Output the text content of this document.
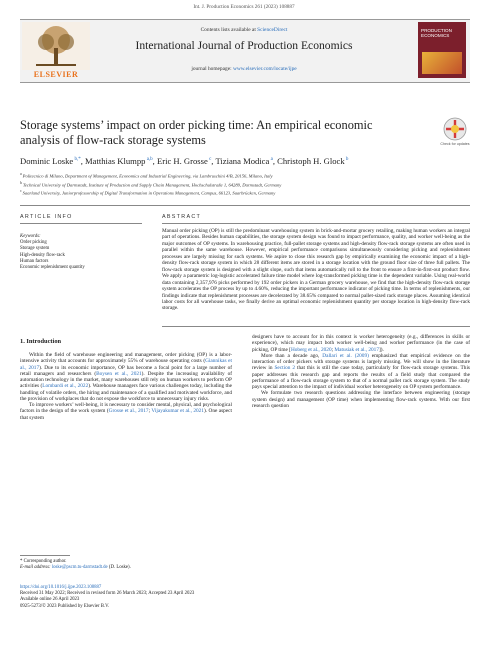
Int. J. Production Economics 261 (2023) 108887
ELSEVIER
Contents lists available at ScienceDirect
International Journal of Production Economics
journal homepage: www.elsevier.com/locate/ijpe
PRODUCTION ECONOMICS
Storage systems’ impact on order picking time: An empirical economic analysis of flow-rack storage systems	Check for updates
Dominic Loske $^{b,*}$, Matthias Klumpp $^{a,b}$, Eric H. Grosse $^c$, Tiziana Modica $^a$, Christoph H. Glock $^b$
$^a$ Politecnico di Milano, Department of Management, Economics and Industrial Engineering, via Lambruschini 4/B, 20156, Milano, Italy
$^b$ Technical University of Darmstadt, Institute of Production and Supply Chain Management, Hochschulstraße 1, 64289, Darmstadt, Germany
$^c$ Saarland University, Juniorprofessorship of Digital Transformation in Operations Management, Campus, 66123, Saarbrücken, Germany
ARTICLE INFO	ABSTRACT
Keywords:
Order picking
Storage system
High-density flow-rack
Human factors
Economic replenishment quantity
Manual order picking (OP) is still the predominant warehousing system in brick-and-mortar grocery retailing, making human workers an integral part of operations. Besides human capabilities, the storage system design was found to impact performance, quality, and worker well-being as the major outcomes of OP systems. In warehousing practice, full-pallet storage systems and high-density flow-rack storage systems are often used in parallel within the same warehouse. However, empirical performance comparisons simultaneously considering picking and replenishment processes are largely missing for such systems. We aspire to close this research gap by empirically examining the economic impact of a high-density flow-rack storage system in which 28 different items are stored in a storage location with the ground floor size of three full pallets. The flow-rack storage system is designed with a slight slope, such that items automatically roll to the front to ensure a first-in-first-out product flow. We apply a parametric log-logistic accelerated failure time model where log-transformed picking time is the dependent variable. Using real-world data containing 2,357,976 picks performed by 192 order pickers in a German grocery warehouse, we find that the high-density flow-rack storage system accelerates the OP process by up to 4.60%, reducing the important performance indicator of picking time. In terms of replenishments, our findings indicate that replenishment processes are decelerated by 38.65% compared to normal pallet-sized rack storage places. Assuming identical labor costs for all warehouse tasks, we finally derive an optimal economic replenishment quantity per storage location in high-density flow-rack storage.
1. Introduction

Within the field of warehouse engineering and management, order picking (OP) is a labor-intensive activity that accounts for approximately 55% of warehouse operating costs (Giannikas et al., 2017). Due to its economic importance, OP has become a focal point for a large number of retail managers and researchers (Boysen et al., 2021). Despite the increasing availability of automation technology in the market, many warehouses still rely on human workers to perform OP activities (Lombardi et al., 2022). Warehouse managers face various challenges today, including the handling of volatile orders, the hiring and maintenance of a qualified and motivated workforce, and the provision of workplaces that do not expose the workforce to unnecessary injury risks.

To improve workers’ well-being, it is necessary to consider mental, physical, and psychological factors in the design of the work system (Grosse et al., 2017; Vijayakumar et al., 2021). One aspect that system

designers have to account for in this context is worker heterogeneity (e.g., differences in skills or experience), which may impact both worker well-being and worker performance (in the case of picking, OP time [Hoberg et al., 2020; Matusiak et al., 2017]).

More than a decade ago, Dallari et al. (2009) emphasized that empirical evidence on the interaction of order pickers with storage systems is largely missing. We will show in the literature review in Section 2 that this is still the case today, particularly for flow-rack storage systems. This paper addresses this research gap and reports the results of a field study that compared the performance of a flow-rack storage system to that of a normal pallet rack storage system. The study pays special attention to the impact of individual worker heterogeneity on OP system performance.

We formulate two research questions addressing the interface between engineering (storage system design) and management (OP time) when implementing flow-rack systems. With our first research question

* Corresponding author.
E-mail address: loske@pscm.tu-darmstadt.de (D. Loske).
https://doi.org/10.1016/j.ijpe.2023.108887
Received 31 May 2022; Received in revised form 26 March 2023; Accepted 23 April 2023
Available online 26 April 2023
0925-5273/© 2023 Published by Elsevier B.V.
